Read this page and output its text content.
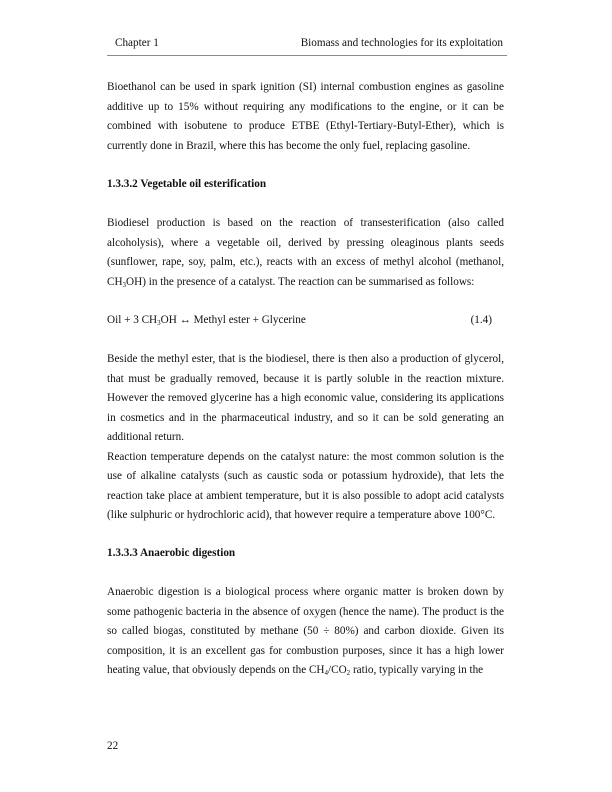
Chapter 1	Biomass and technologies for its exploitation

Bioethanol can be used in spark ignition (SI) internal combustion engines as gasoline additive up to 15% without requiring any modifications to the engine, or it can be combined with isobutene to produce ETBE (Ethyl-Tertiary-Butyl-Ether), which is currently done in Brazil, where this has become the only fuel, replacing gasoline.

1.3.3.2 Vegetable oil esterification

Biodiesel production is based on the reaction of transesterification (also called alcoholysis), where a vegetable oil, derived by pressing oleaginous plants seeds (sunflower, rape, soy, palm, etc.), reacts with an excess of methyl alcohol (methanol, $CH_3OH$) in the presence of a catalyst. The reaction can be summarised as follows:

Oil + 3 $CH_3OH$ ↔ Methyl ester + Glycerine	(1.4)

Beside the methyl ester, that is the biodiesel, there is then also a production of glycerol, that must be gradually removed, because it is partly soluble in the reaction mixture. However the removed glycerine has a high economic value, considering its applications in cosmetics and in the pharmaceutical industry, and so it can be sold generating an additional return.

Reaction temperature depends on the catalyst nature: the most common solution is the use of alkaline catalysts (such as caustic soda or potassium hydroxide), that lets the reaction take place at ambient temperature, but it is also possible to adopt acid catalysts (like sulphuric or hydrochloric acid), that however require a temperature above 100°C.

1.3.3.3 Anaerobic digestion

Anaerobic digestion is a biological process where organic matter is broken down by some pathogenic bacteria in the absence of oxygen (hence the name). The product is the so called biogas, constituted by methane (50 ÷ 80%) and carbon dioxide. Given its composition, it is an excellent gas for combustion purposes, since it has a high lower heating value, that obviously depends on the $CH_4/CO_2$ ratio, typically varying in the

22
